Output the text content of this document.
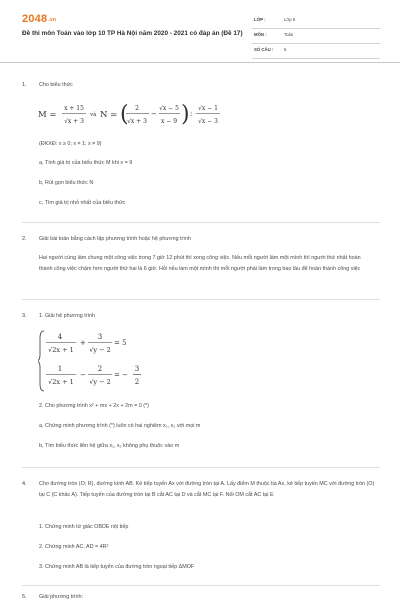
$2048^{.vn}$
Đề thi môn Toán vào lớp 10 TP Hà Nội năm 2020 - 2021 có đáp án (Đề 17)
LỚP :	Lớp 9
MÔN :	Toán
SỐ CÂU : 5
1. Cho biểu thức
M =
x + 15
√x + 3
và N = ( 2
√x + 3
−
√x − 5
x − 9 ) :
√x − 1
√x − 3
(ĐKXĐ: x ≥ 0; x ≠ 1; x ≠ 9)
a, Tính giá trị của biểu thức M khi x = 9
b, Rút gọn biểu thức N
c, Tìm giá trị nhỏ nhất của biểu thức
2. Giải bài toán bằng cách lập phương trình hoặc hệ phương trình
Hai người cùng làm chung một công việc trong 7 giờ 12 phút thì xong công việc. Nếu mỗi người làm một mình thì người thứ nhất hoàn thành công việc chậm hơn người thứ hai là 6 giờ. Hỏi nếu làm một mình thì mỗi người phải làm trong bao lâu để hoàn thành công việc
3. 1. Giải hệ phương trình
4
√2x + 1
+
3
√y − 2
= 5
1
√2x + 1
−
2
√y − 2
= −
3
2
2. Cho phương trình x² + mx + 2x + 2m = 0 (*)
a, Chứng minh phương trình (*) luôn có hai nghiệm x₁, x₂ với mọi m
b, Tìm biểu thức liên hệ giữa x₁, x₂ không phụ thuộc vào m
4. Cho đường tròn (O; R), đường kính AB. Kẻ tiếp tuyến Ax với đường tròn tại A. Lấy điểm M thuộc tia Ax, kẻ tiếp tuyến MC với đường tròn (O) tại C (C khác A). Tiếp tuyến của đường tròn tại B cắt AC tại D và cắt MC tại F. Nối OM cắt AC tại E
1. Chứng minh tứ giác OBDE nội tiếp
2. Chứng minh AC. AD = 4R²
3. Chứng minh AB là tiếp tuyến của đường tròn ngoại tiếp ΔMOF
5. Giải phương trình:
